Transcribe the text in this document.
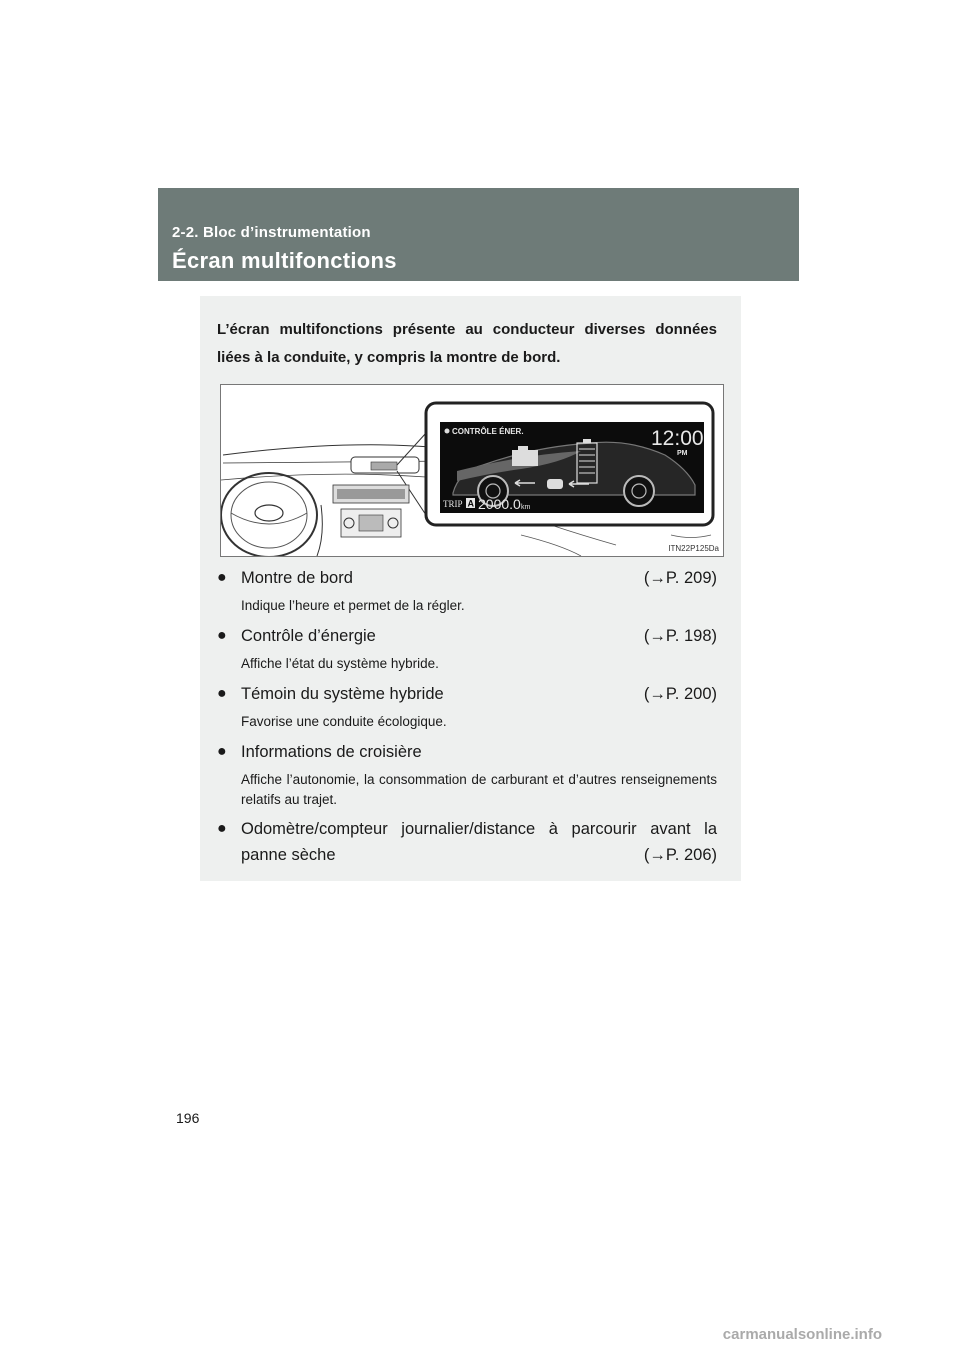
2-2. Bloc d’instrumentation
Écran multifonctions
L’écran multifonctions présente au conducteur diverses données liées à la conduite, y compris la montre de bord.
CONTRÔLE ÉNER.	12:00
PM
TRIP A 2000.0 km
ITN22P125Da
● Montre de bord	(→P. 209)
Indique l’heure et permet de la régler.
● Contrôle d’énergie	(→P. 198)
Affiche l’état du système hybride.
● Témoin du système hybride	(→P. 200)
Favorise une conduite écologique.
● Informations de croisière
Affiche l’autonomie, la consommation de carburant et d’autres renseignements relatifs au trajet.
● Odomètre/compteur journalier/distance à parcourir avant la
panne sèche	(→P. 206)
196
carmanualsonline.info
